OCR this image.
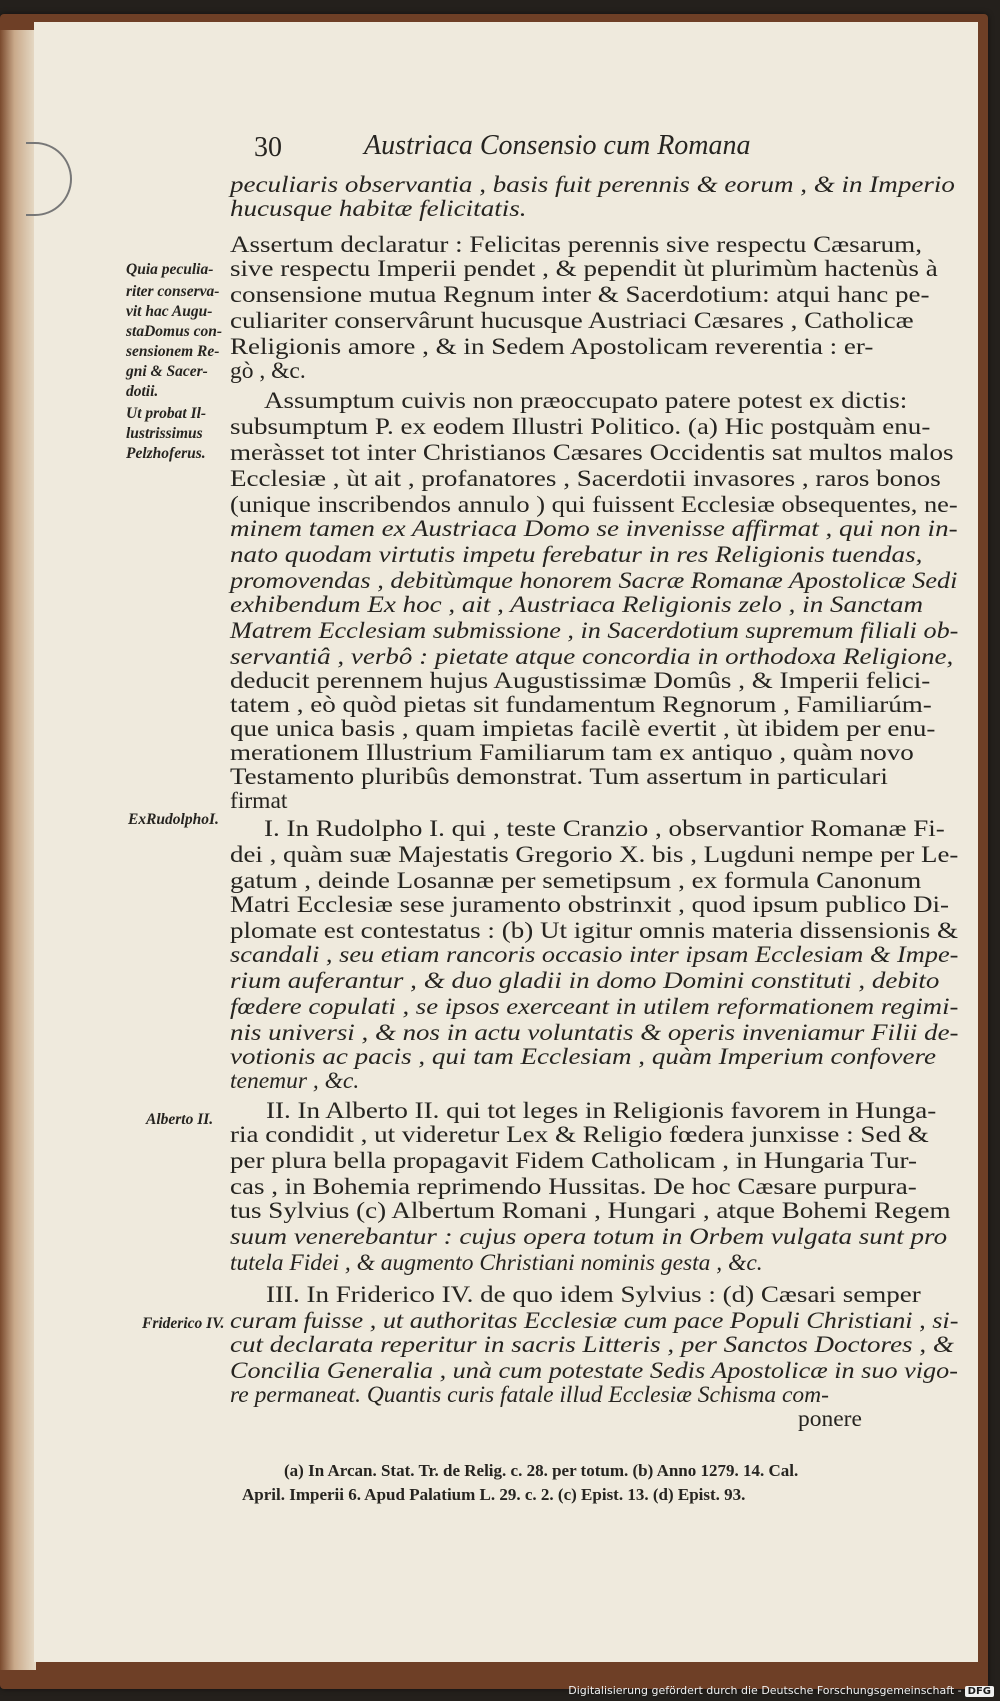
30	Austriaca Consensio cum Romana
peculiaris observantia , basis fuit perennis & eorum , & in Imperio
hucusque habitæ felicitatis.
Assertum declaratur : Felicitas perennis sive respectu Cæsarum,
sive respectu Imperii pendet , & pependit ùt plurimùm hactenùs à
consensione mutua Regnum inter & Sacerdotium: atqui hanc pe-
culiariter conservârunt hucusque Austriaci Cæsares , Catholicæ
Religionis amore , & in Sedem Apostolicam reverentia : er-
gò , &c.
Assumptum cuivis non præoccupato patere potest ex dictis:
subsumptum P. ex eodem Illustri Politico. (a) Hic postquàm enu-
meràsset tot inter Christianos Cæsares Occidentis sat multos malos
Ecclesiæ , ùt ait , profanatores , Sacerdotii invasores , raros bonos
(unique inscribendos annulo ) qui fuissent Ecclesiæ obsequentes, ne-
minem tamen ex Austriaca Domo se invenisse affirmat , qui non in-
nato quodam virtutis impetu ferebatur in res Religionis tuendas,
promovendas , debitùmque honorem Sacræ Romanæ Apostolicæ Sedi
exhibendum Ex hoc , ait , Austriaca Religionis zelo , in Sanctam
Matrem Ecclesiam submissione , in Sacerdotium supremum filiali ob-
servantiâ , verbô : pietate atque concordia in orthodoxa Religione,
deducit perennem hujus Augustissimæ Domûs , & Imperii felici-
tatem , eò quòd pietas sit fundamentum Regnorum , Familiarúm-
que unica basis , quam impietas facilè evertit , ùt ibidem per enu-
merationem Illustrium Familiarum tam ex antiquo , quàm novo
Testamento pluribûs demonstrat. Tum assertum in particulari
firmat
I. In Rudolpho I. qui , teste Cranzio , observantior Romanæ Fi-
dei , quàm suæ Majestatis Gregorio X. bis , Lugduni nempe per Le-
gatum , deinde Losannæ per semetipsum , ex formula Canonum
Matri Ecclesiæ sese juramento obstrinxit , quod ipsum publico Di-
plomate est contestatus : (b) Ut igitur omnis materia dissensionis &
scandali , seu etiam rancoris occasio inter ipsam Ecclesiam & Impe-
rium auferantur , & duo gladii in domo Domini constituti , debito
fœdere copulati , se ipsos exerceant in utilem reformationem regimi-
nis universi , & nos in actu voluntatis & operis inveniamur Filii de-
votionis ac pacis , qui tam Ecclesiam , quàm Imperium confovere
tenemur , &c.
II. In Alberto II. qui tot leges in Religionis favorem in Hunga-
ria condidit , ut videretur Lex & Religio fœdera junxisse : Sed &
per plura bella propagavit Fidem Catholicam , in Hungaria Tur-
cas , in Bohemia reprimendo Hussitas. De hoc Cæsare purpura-
tus Sylvius (c) Albertum Romani , Hungari , atque Bohemi Regem
suum venerebantur : cujus opera totum in Orbem vulgata sunt pro
tutela Fidei , & augmento Christiani nominis gesta , &c.
III. In Friderico IV. de quo idem Sylvius : (d) Cæsari semper
curam fuisse , ut authoritas Ecclesiæ cum pace Populi Christiani , si-
cut declarata reperitur in sacris Litteris , per Sanctos Doctores , &
Concilia Generalia , unà cum potestate Sedis Apostolicæ in suo vigo-
re permaneat. Quantis curis fatale illud Ecclesiæ Schisma com-
ponere
Quia peculia-
riter conserva-
vit hac Augu-
staDomus con-
sensionem Re-
gni & Sacer-
dotii.
Ut probat Il-
lustrissimus
Pelzhoferus.
ExRudolphoI.
Alberto II.
Friderico IV.
(a) In Arcan. Stat. Tr. de Relig. c. 28. per totum. (b) Anno 1279. 14. Cal.
April. Imperii 6. Apud Palatium L. 29. c. 2. (c) Epist. 13. (d) Epist. 93.
Digitalisierung gefördert durch die Deutsche Forschungsgemeinschaft - DFG
